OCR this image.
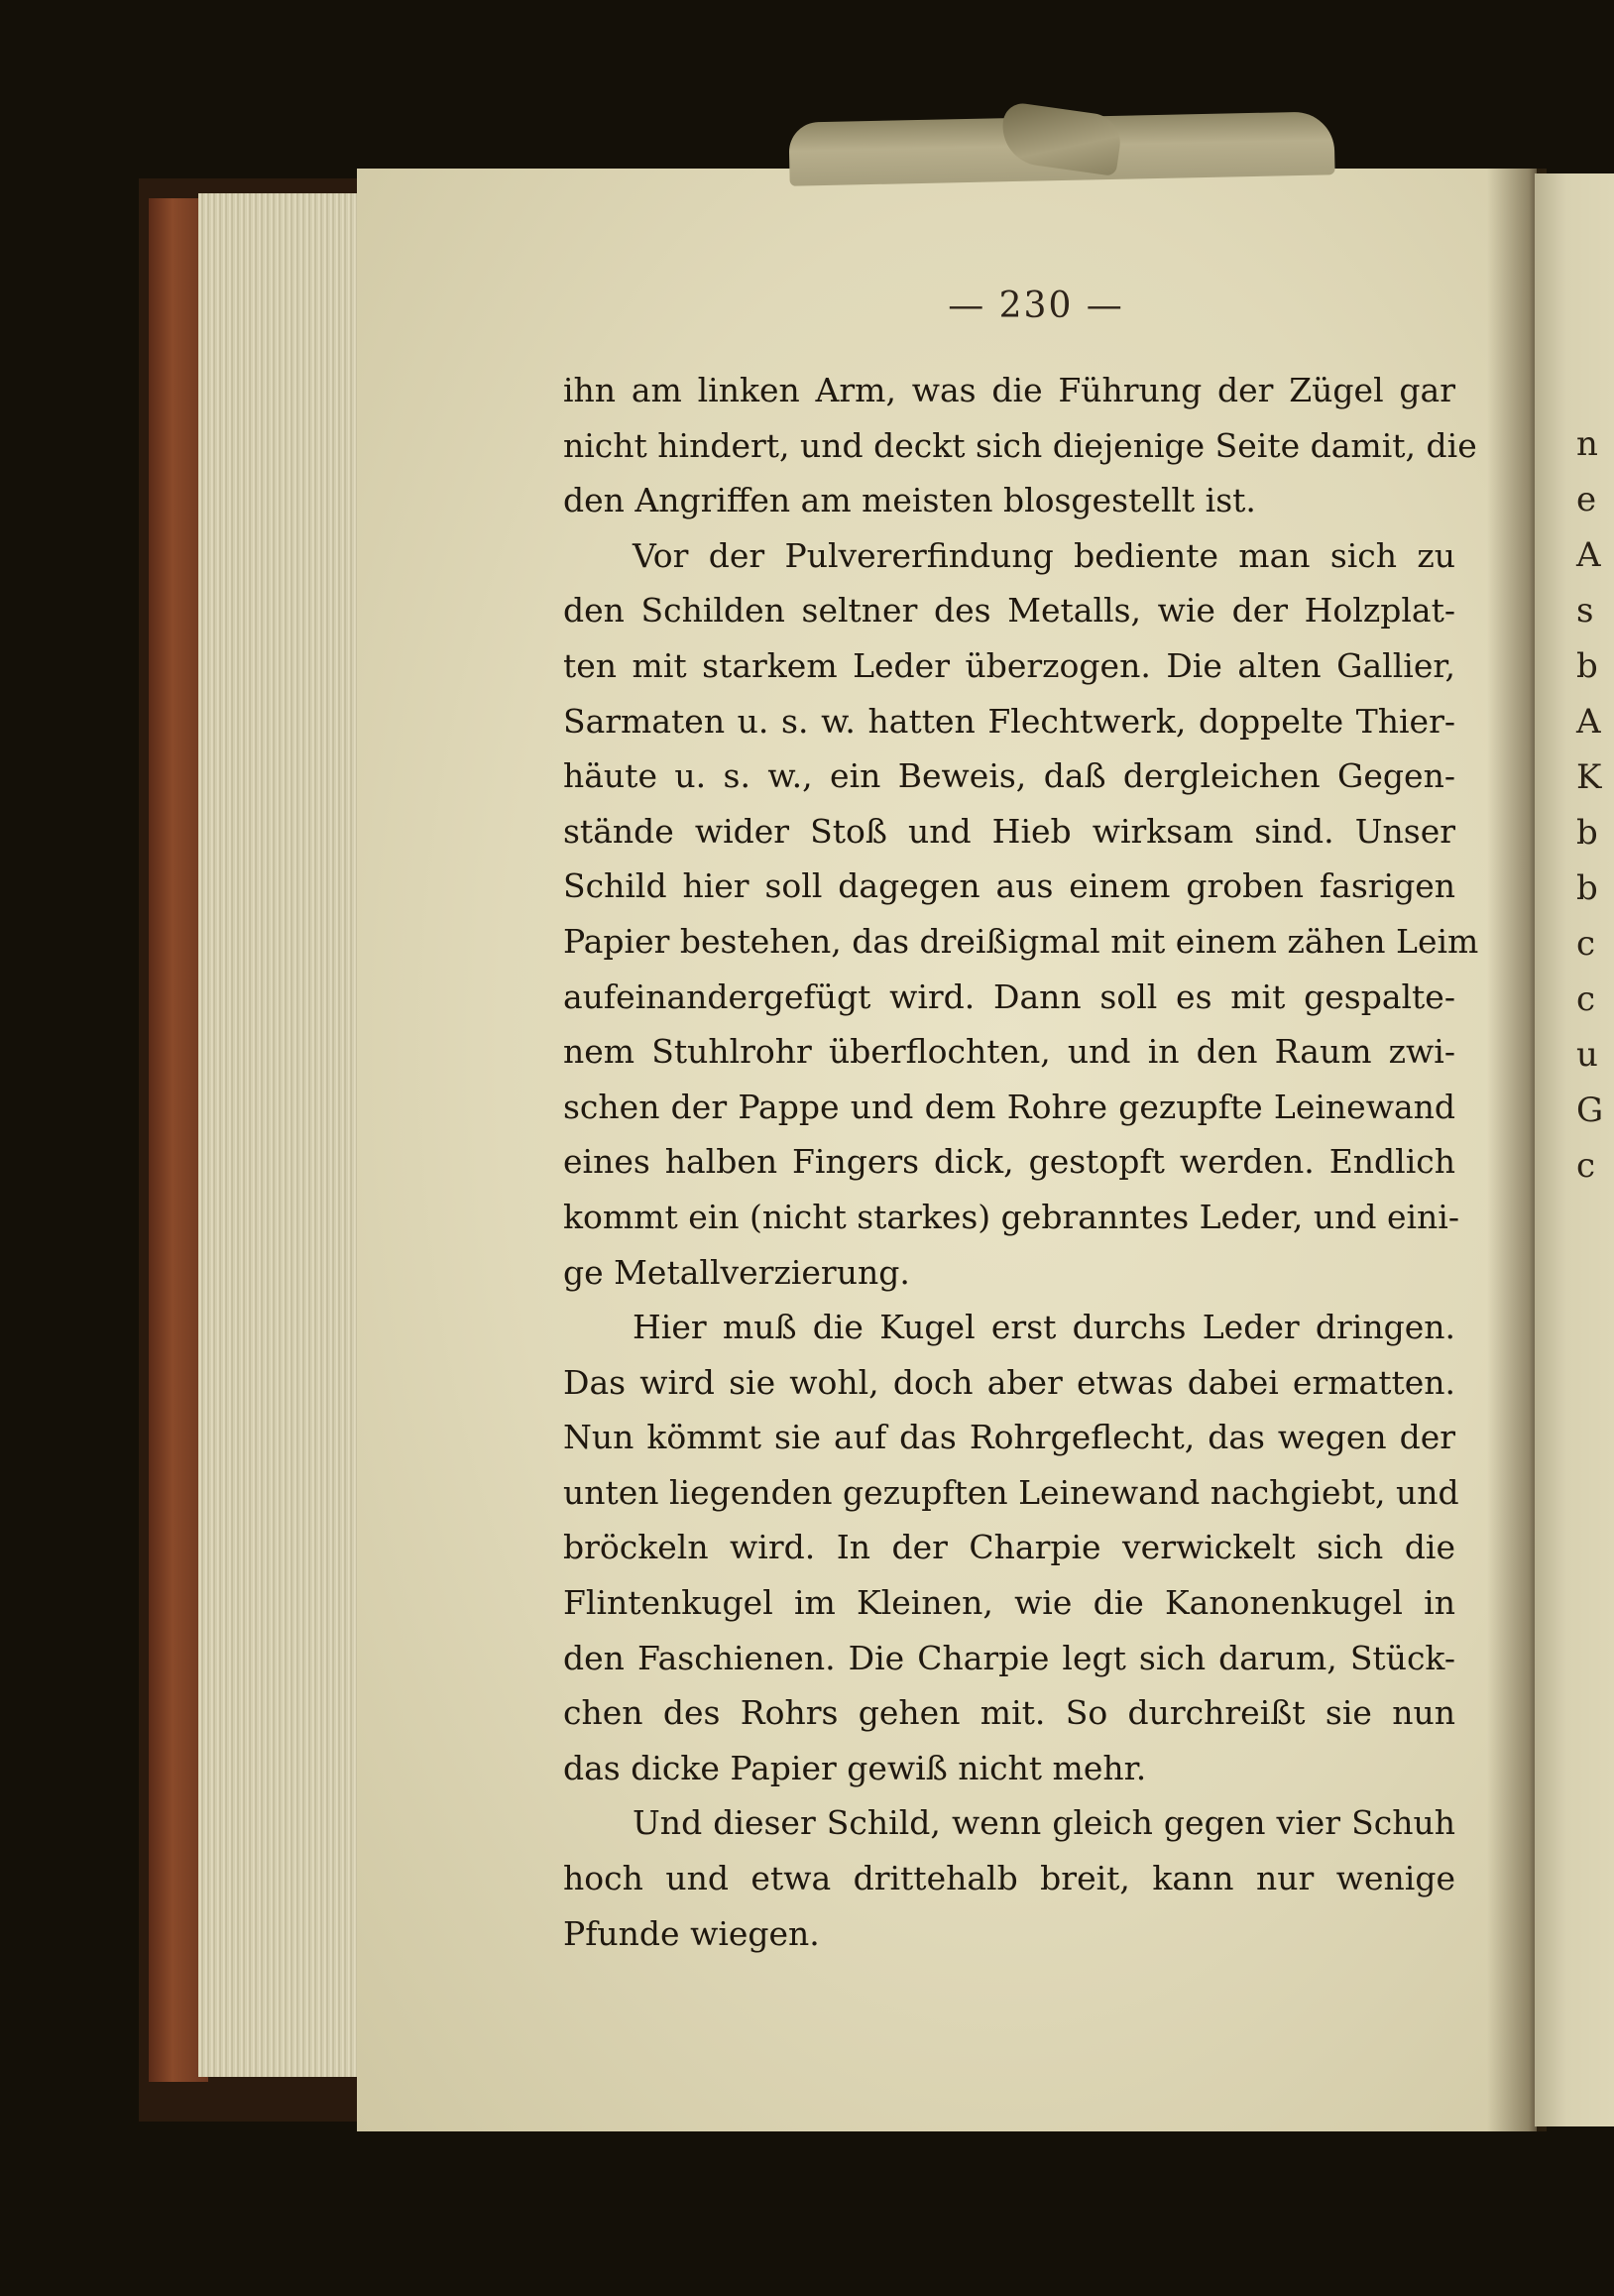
n
e
A
s
b
A
K
b
b
c
c
u
G
c
— 230 —
ihn am linken Arm, was die Führung der Zügel gar
nicht hindert, und deckt sich diejenige Seite damit, die
den Angriffen am meisten blosgestellt ist.
Vor der Pulvererfindung bediente man sich zu
den Schilden seltner des Metalls, wie der Holzplat-
ten mit starkem Leder überzogen. Die alten Gallier,
Sarmaten u. s. w. hatten Flechtwerk, doppelte Thier-
häute u. s. w., ein Beweis, daß dergleichen Gegen-
stände wider Stoß und Hieb wirksam sind. Unser
Schild hier soll dagegen aus einem groben fasrigen
Papier bestehen, das dreißigmal mit einem zähen Leim
aufeinandergefügt wird. Dann soll es mit gespalte-
nem Stuhlrohr überflochten, und in den Raum zwi-
schen der Pappe und dem Rohre gezupfte Leinewand
eines halben Fingers dick, gestopft werden. Endlich
kommt ein (nicht starkes) gebranntes Leder, und eini-
ge Metallverzierung.
Hier muß die Kugel erst durchs Leder dringen.
Das wird sie wohl, doch aber etwas dabei ermatten.
Nun kömmt sie auf das Rohrgeflecht, das wegen der
unten liegenden gezupften Leinewand nachgiebt, und
bröckeln wird. In der Charpie verwickelt sich die
Flintenkugel im Kleinen, wie die Kanonenkugel in
den Faschienen. Die Charpie legt sich darum, Stück-
chen des Rohrs gehen mit. So durchreißt sie nun
das dicke Papier gewiß nicht mehr.
Und dieser Schild, wenn gleich gegen vier Schuh
hoch und etwa drittehalb breit, kann nur wenige
Pfunde wiegen.
